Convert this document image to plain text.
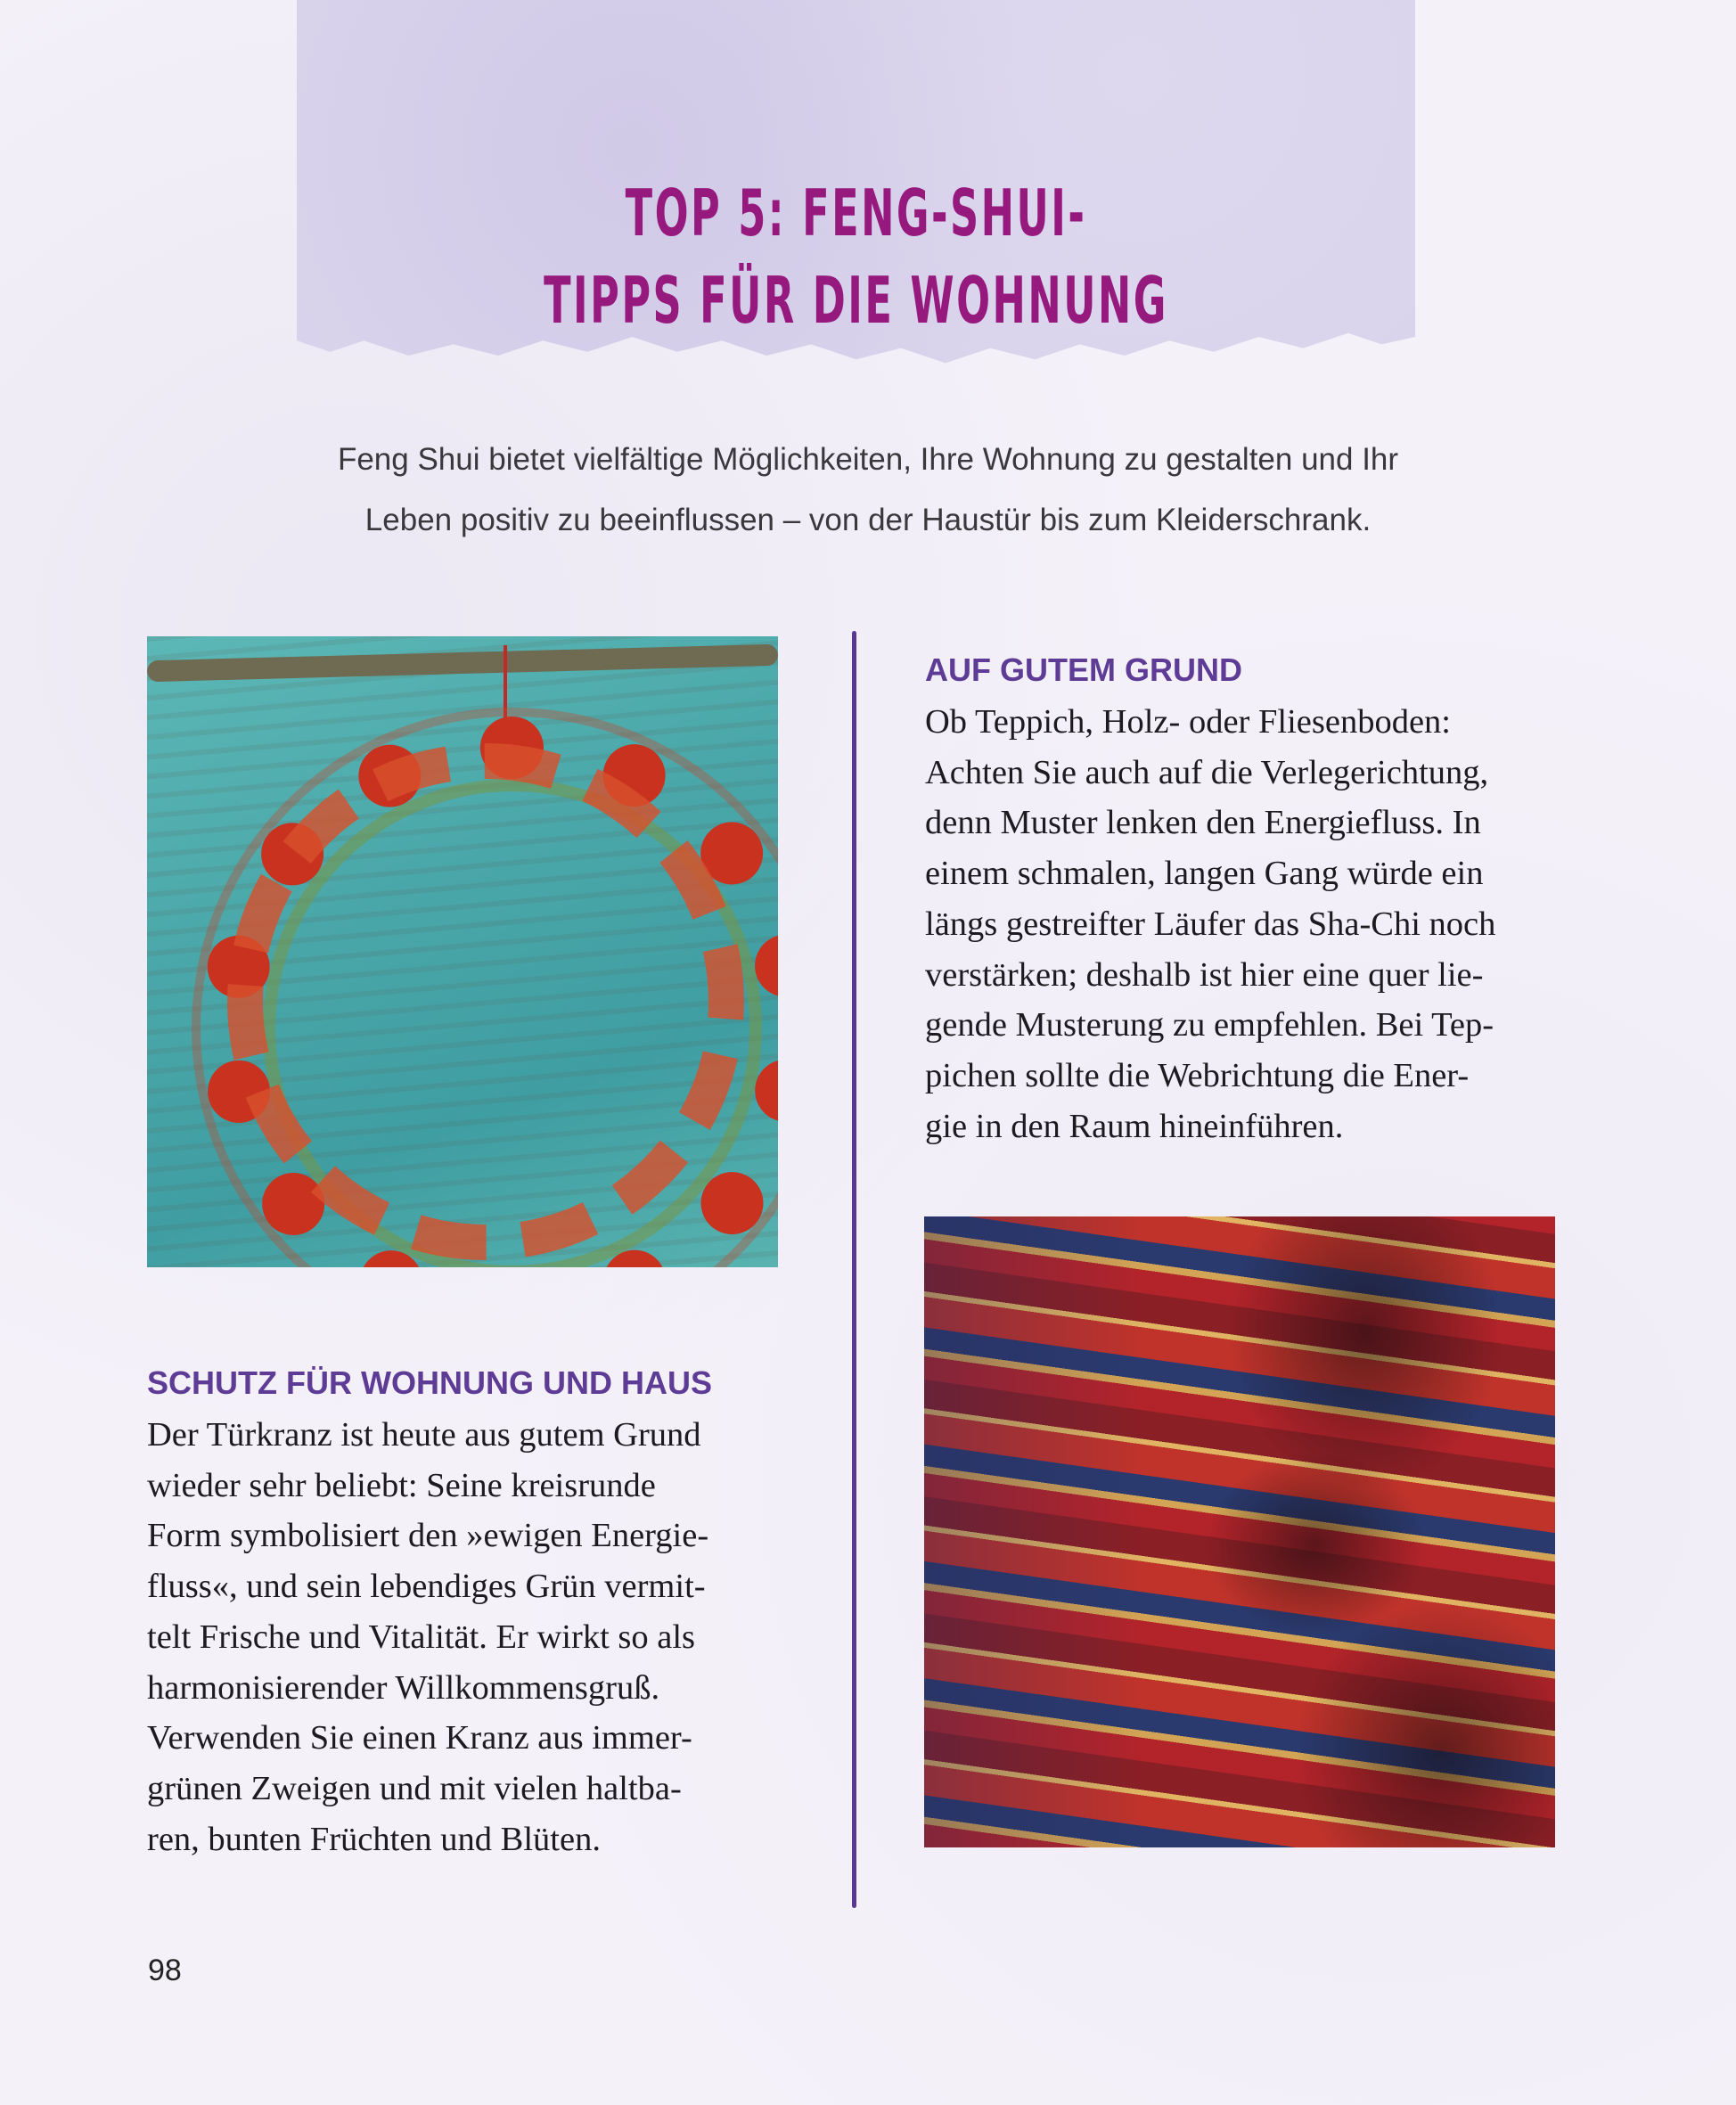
TOP 5: FENG-SHUI-
TIPPS FÜR DIE WOHNUNG

Feng Shui bietet vielfältige Möglichkeiten, Ihre Wohnung zu gestalten und Ihr
Leben positiv zu beeinflussen – von der Haustür bis zum Kleiderschrank.

AUF GUTEM GRUND
Ob Teppich, Holz- oder Fliesenboden:
Achten Sie auch auf die Verlegerichtung,
denn Muster lenken den Energiefluss. In
einem schmalen, langen Gang würde ein
längs gestreifter Läufer das Sha-Chi noch
verstärken; deshalb ist hier eine quer lie-
gende Musterung zu empfehlen. Bei Tep-
pichen sollte die Webrichtung die Ener-
gie in den Raum hineinführen.
SCHUTZ FÜR WOHNUNG UND HAUS
Der Türkranz ist heute aus gutem Grund
wieder sehr beliebt: Seine kreisrunde
Form symbolisiert den »ewigen Energie-
fluss«, und sein lebendiges Grün vermit-
telt Frische und Vitalität. Er wirkt so als
harmonisierender Willkommensgruß.
Verwenden Sie einen Kranz aus immer-
grünen Zweigen und mit vielen haltba-
ren, bunten Früchten und Blüten.
98
